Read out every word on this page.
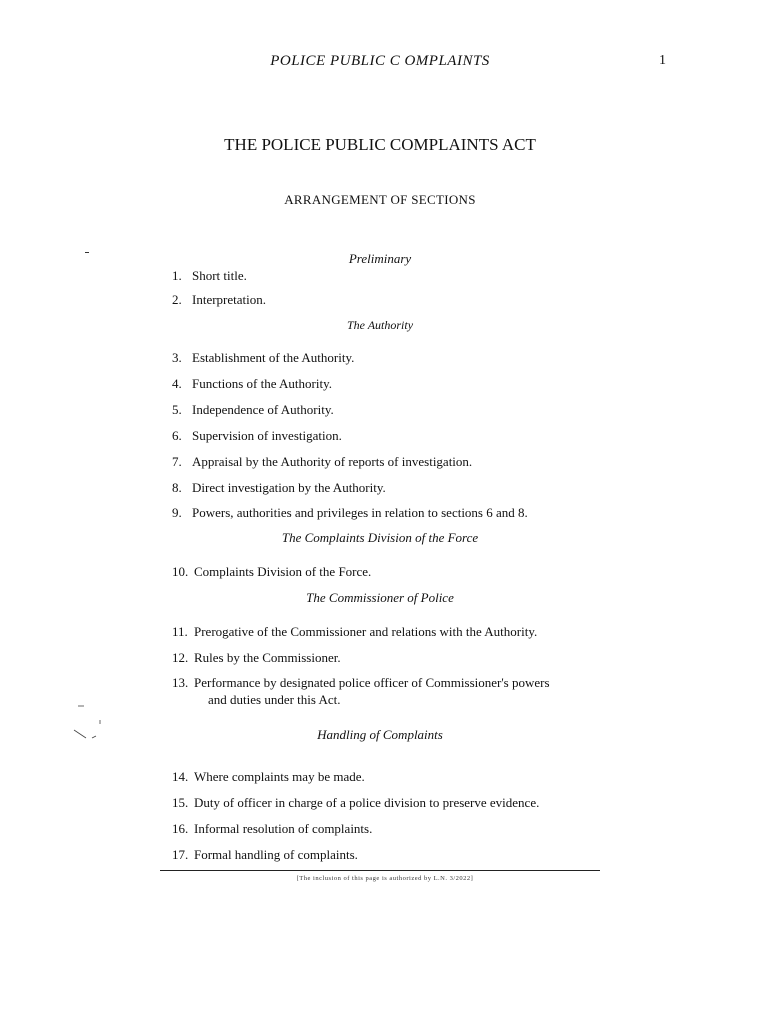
POLICE PUBLIC C OMPLAINTS	1
THE POLICE PUBLIC COMPLAINTS ACT
ARRANGEMENT OF SECTIONS
Preliminary
1. Short title.
2. Interpretation.
The Authority
3. Establishment of the Authority.
4. Functions of the Authority.
5. Independence of Authority.
6. Supervision of investigation.
7. Appraisal by the Authority of reports of investigation.
8. Direct investigation by the Authority.
9. Powers, authorities and privileges in relation to sections 6 and 8.
The Complaints Division of the Force
10. Complaints Division of the Force.
The Commissioner of Police
11. Prerogative of the Commissioner and relations with the Authority.
12. Rules by the Commissioner.
13. Performance by designated police officer of Commissioner's powers
and duties under this Act.
Handling of Complaints
14. Where complaints may be made.
15. Duty of officer in charge of a police division to preserve evidence.
16. Informal resolution of complaints.
17. Formal handling of complaints.
[The inclusion of this page is authorized by L.N. 3/2022]
